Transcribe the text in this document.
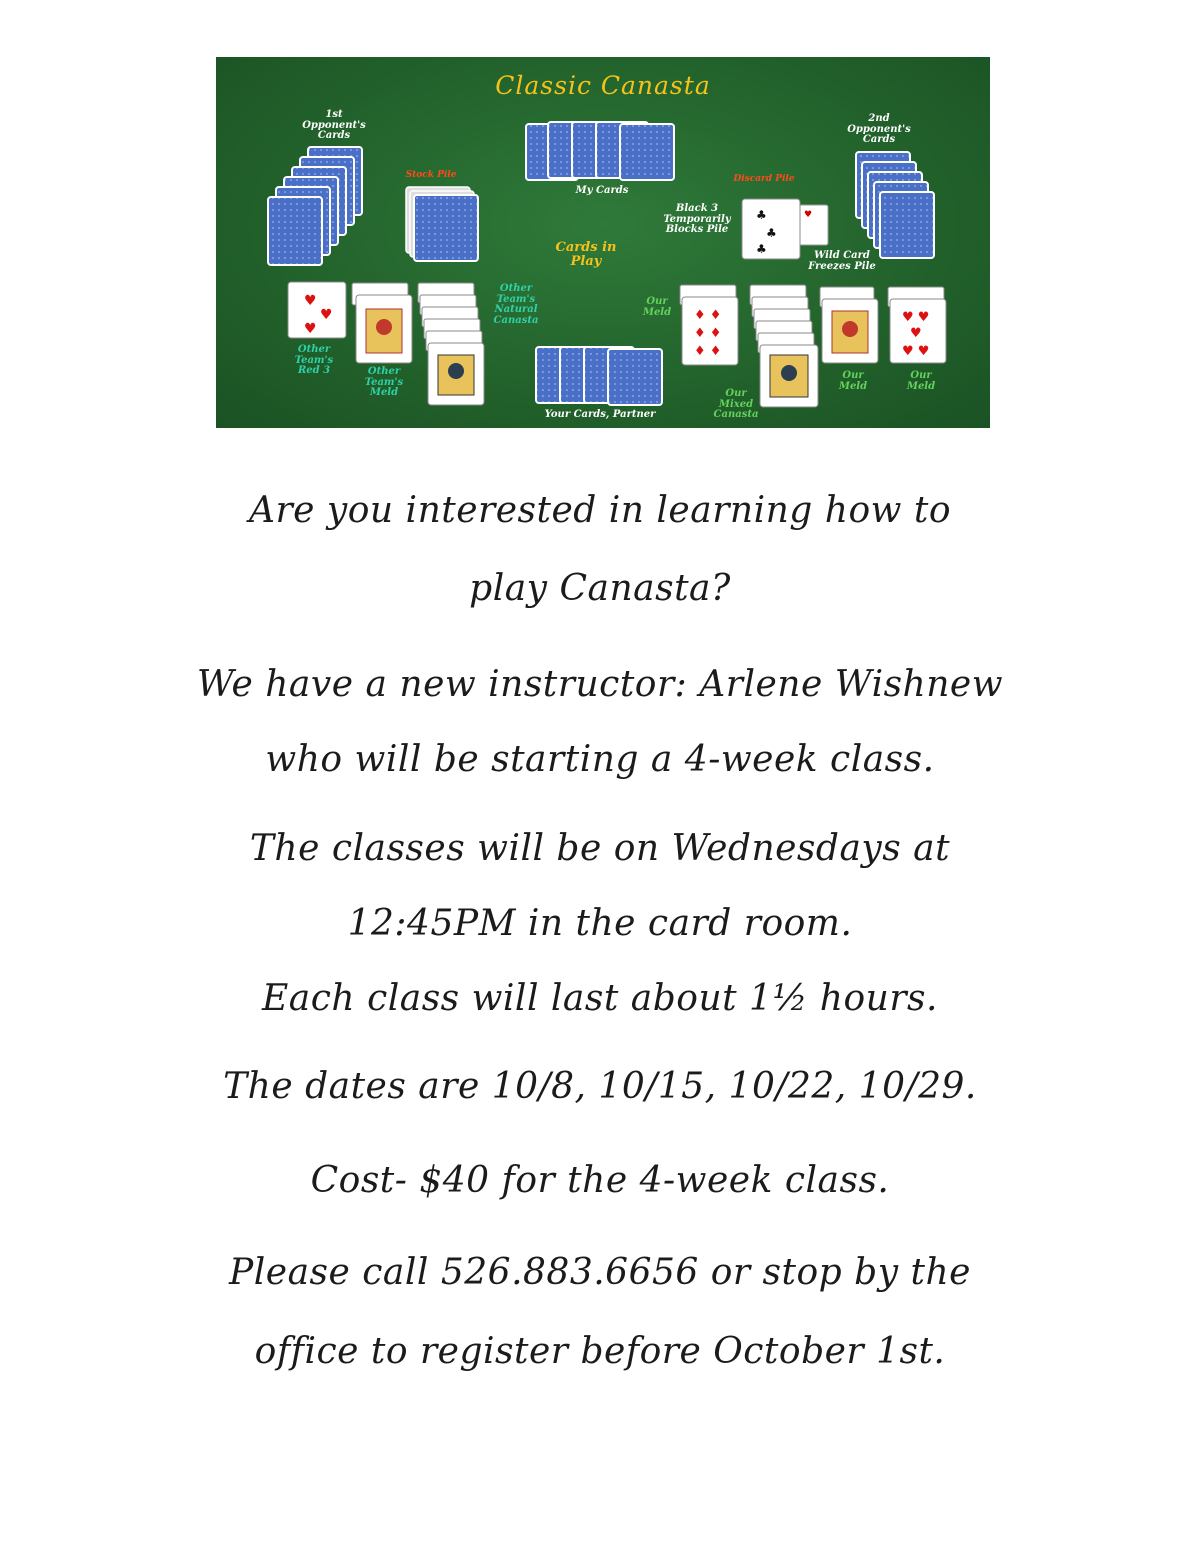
Classic Canasta
♥
♣
♣
♣
♥
♥
♥
♦ ♦
♦ ♦
♦ ♦
♥ ♥
♥
♥ ♥
1st
Opponent's
Cards
2nd
Opponent's
Cards
Stock Pile
My Cards
Discard Pile
Black 3
Temporarily
Blocks Pile
Cards in Play	Wild Card
Freezes Pile
Other
Team's
Natural
Canasta
Our
Meld
Other
Team's
Red 3	Other
Team's
Meld
Your Cards, Partner
Our
Mixed
Canasta
Our
Meld
Our
Meld
Are you interested in learning how to
play Canasta?
We have a new instructor: Arlene Wishnew
who will be starting a 4-week class.
The classes will be on Wednesdays at
12:45PM in the card room.
Each class will last about 1½ hours.
The dates are 10/8, 10/15, 10/22, 10/29.
Cost- $40 for the 4-week class.
Please call 526.883.6656 or stop by the
office to register before October 1st.
